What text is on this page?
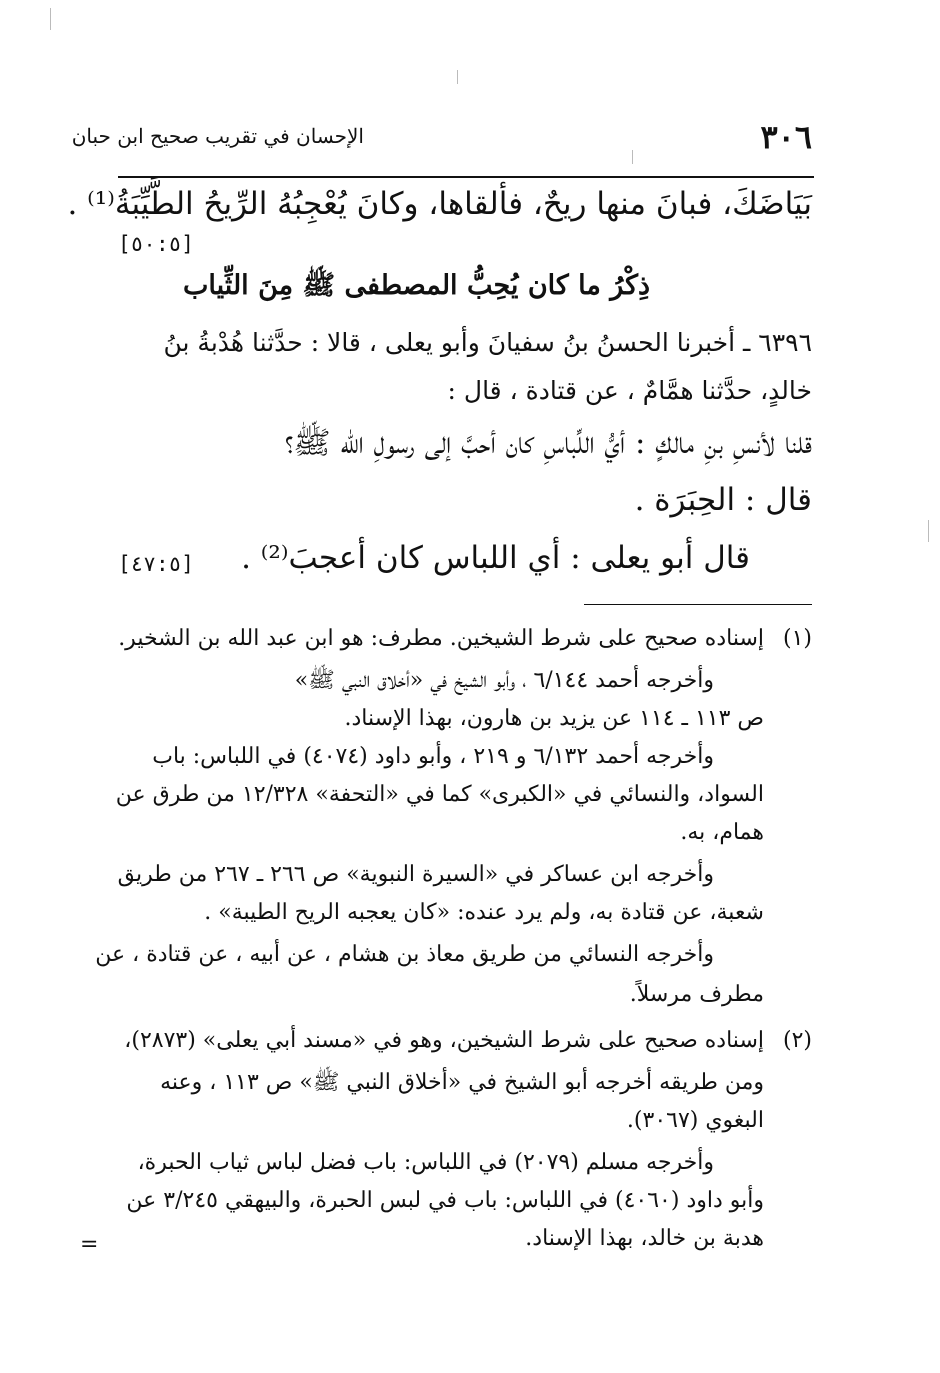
٣٠٦
الإحسان في تقريب صحيح ابن حبان
بَيَاضَكَ، فبانَ منها ريحٌ، فألقاها، وكانَ يُعْجِبُهُ الرِّيحُ الطَّيِّبَةُ⁽¹⁾ .
[٥٠:٥]
ذِكْرُ ما كان يُحِبُّ المصطفى ﷺ مِنَ الثِّياب
٦٣٩٦ ـ أخبرنا الحسنُ بنُ سفيانَ وأبو يعلى ، قالا : حدَّثنا هُدْبةُ بنُ
خالدٍ، حدَّثنا همَّامٌ ، عن قتادة ، قال :
قلنا لأنسِ بنِ مالكٍ : أيُّ اللِّباسِ كان أحبَّ إلى رسولِ الله ﷺ؟
قال : الحِبَرَة .
قال أبو يعلى : أي اللباس كان أعجبَ⁽²⁾ .
[٤٧:٥]
(١)
إسناده صحيح على شرط الشيخين. مطرف: هو ابن عبد الله بن الشخير.
وأخرجه أحمد ٦/١٤٤ ، وأبو الشيخ في «أخلاق النبي ﷺ»
ص ١١٣ ـ ١١٤ عن يزيد بن هارون، بهذا الإسناد.
وأخرجه أحمد ٦/١٣٢ و ٢١٩ ، وأبو داود (٤٠٧٤) في اللباس: باب
السواد، والنسائي في «الكبرى» كما في «التحفة» ١٢/٣٢٨ من طرق عن
همام، به.
وأخرجه ابن عساكر في «السيرة النبوية» ص ٢٦٦ ـ ٢٦٧ من طريق
شعبة، عن قتادة به، ولم يرد عنده: «كان يعجبه الريح الطيبة» .
وأخرجه النسائي من طريق معاذ بن هشام ، عن أبيه ، عن قتادة ، عن
مطرف مرسلاً.
(٢)
إسناده صحيح على شرط الشيخين، وهو في «مسند أبي يعلى» (٢٨٧٣)،
ومن طريقه أخرجه أبو الشيخ في «أخلاق النبي ﷺ» ص ١١٣ ، وعنه
البغوي (٣٠٦٧).
وأخرجه مسلم (٢٠٧٩) في اللباس: باب فضل لباس ثياب الحبرة،
وأبو داود (٤٠٦٠) في اللباس: باب في لبس الحبرة، والبيهقي ٣/٢٤٥ عن
هدبة بن خالد، بهذا الإسناد.
=
